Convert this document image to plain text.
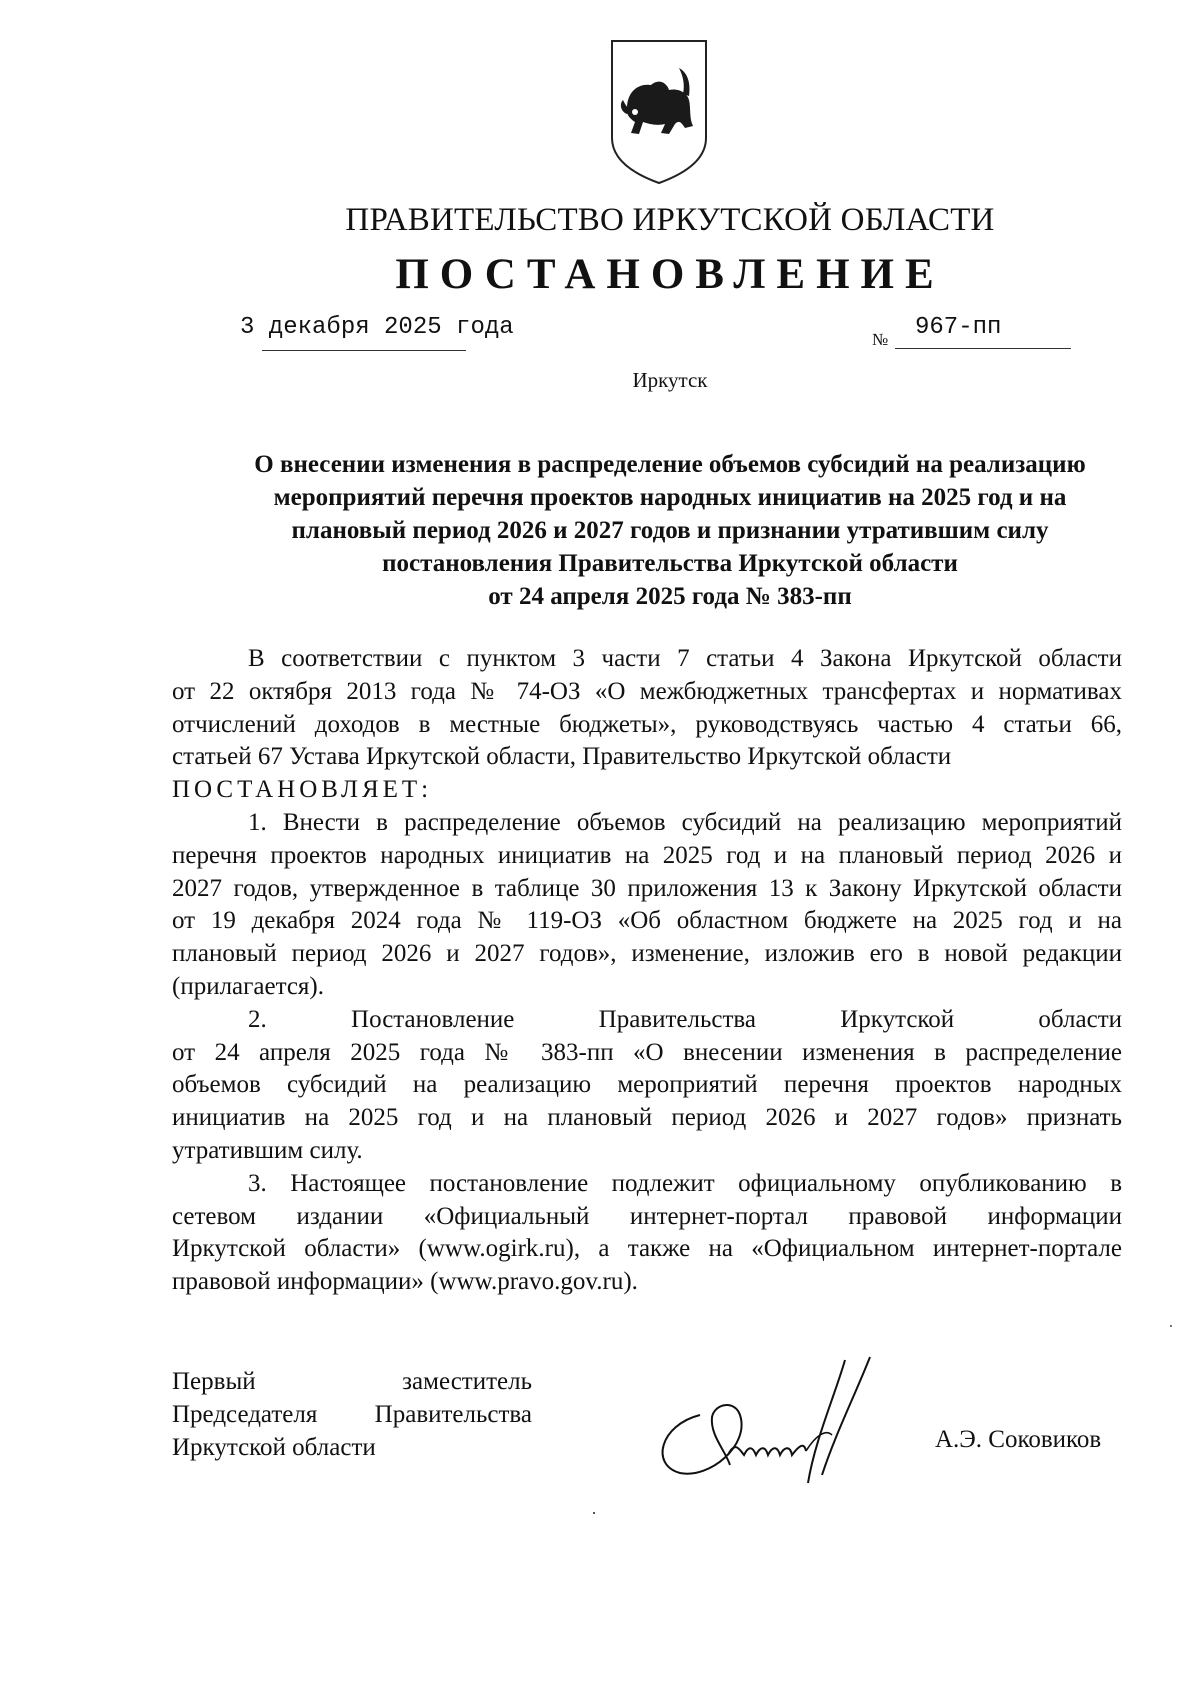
ПРАВИТЕЛЬСТВО ИРКУТСКОЙ ОБЛАСТИ
ПОСТАНОВЛЕНИЕ
3 декабря 2025 года	№ 967-пп
Иркутск
О внесении изменения в распределение объемов субсидий на реализацию
мероприятий перечня проектов народных инициатив на 2025 год и на
плановый период 2026 и 2027 годов и признании утратившим силу
постановления Правительства Иркутской области
от 24 апреля 2025 года № 383-пп
В соответствии с пунктом 3 части 7 статьи 4 Закона Иркутской области
от 22 октября 2013 года № 74-ОЗ «О межбюджетных трансфертах и нормативах
отчислений доходов в местные бюджеты», руководствуясь частью 4 статьи 66,
статьей 67 Устава Иркутской области, Правительство Иркутской области
ПОСТАНОВЛЯЕТ:
1. Внести в распределение объемов субсидий на реализацию мероприятий
перечня проектов народных инициатив на 2025 год и на плановый период 2026 и
2027 годов, утвержденное в таблице 30 приложения 13 к Закону Иркутской области
от 19 декабря 2024 года № 119-ОЗ «Об областном бюджете на 2025 год и на
плановый период 2026 и 2027 годов», изменение, изложив его в новой редакции
(прилагается).
2. Постановление Правительства Иркутской области
от 24 апреля 2025 года № 383-пп «О внесении изменения в распределение
объемов субсидий на реализацию мероприятий перечня проектов народных
инициатив на 2025 год и на плановый период 2026 и 2027 годов» признать
утратившим силу.
3. Настоящее постановление подлежит официальному опубликованию в
сетевом издании «Официальный интернет-портал правовой информации
Иркутской области» (www.ogirk.ru), а также на «Официальном интернет-портале
правовой информации» (www.pravo.gov.ru).
Первый заместитель
Председателя Правительства
Иркутской области	А.Э. Соковиков
